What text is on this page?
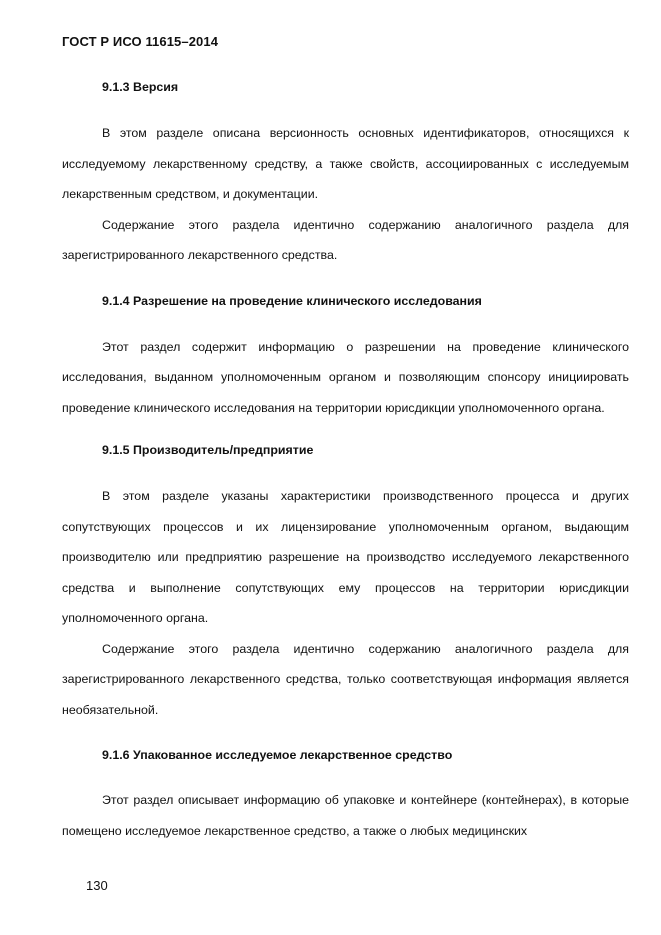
ГОСТ Р ИСО 11615–2014

9.1.3 Версия

В этом разделе описана версионность основных идентификаторов, относящихся к исследуемому лекарственному средству, а также свойств, ассоциированных с исследуемым лекарственным средством, и документации.

Содержание этого раздела идентично содержанию аналогичного раздела для зарегистрированного лекарственного средства.

9.1.4 Разрешение на проведение клинического исследования

Этот раздел содержит информацию о разрешении на проведение клинического исследования, выданном уполномоченным органом и позволяющим спонсору инициировать проведение клинического исследования на территории юрисдикции уполномоченного органа.

9.1.5 Производитель/предприятие

В этом разделе указаны характеристики производственного процесса и других сопутствующих процессов и их лицензирование уполномоченным органом, выдающим производителю или предприятию разрешение на производство исследуемого лекарственного средства и выполнение сопутствующих ему процессов на территории юрисдикции уполномоченного органа.

Содержание этого раздела идентично содержанию аналогичного раздела для зарегистрированного лекарственного средства, только соответствующая информация является необязательной.

9.1.6 Упакованное исследуемое лекарственное средство

Этот раздел описывает информацию об упаковке и контейнере (контейнерах), в которые помещено исследуемое лекарственное средство, а также о любых медицинских

130
